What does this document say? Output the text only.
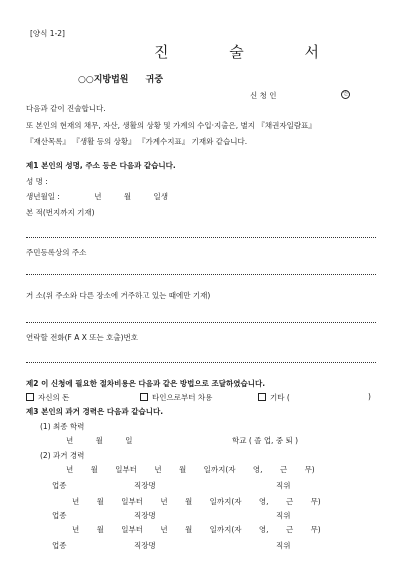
[양식 1-2]
진 술 서
○○지방법원 귀중
신 청 인	인
다음과 같이 진술합니다.
또 본인의 현재의 채무, 자산, 생활의 상황 및 가계의 수입·지출은, 별지 『채권자일람표』
『재산목록』 『생활 등의 상황』 『가계수지표』 기재와 같습니다.
제1 본인의 성명, 주소 등은 다음과 같습니다.
성 명 :
생년월일 :	년 월 일생
본 적(번지까지 기재)
주민등록상의 주소
거 소(위 주소와 다른 장소에 거주하고 있는 때에만 기재)
연락할 전화(F A X 또는 호출)번호
제2 이 신청에 필요한 절차비용은 다음과 같은 방법으로 조달하였습니다.
자신의 돈	타인으로부터 차용	기타 (	)
제3 본인의 과거 경력은 다음과 같습니다.
(1) 최종 학력
년 월 일	학교 ( 졸 업, 중 퇴 )
(2) 과거 경력
년 월 일부터 년 월 일까지(자 영, 근 무)
업종	직장명	직위
년 월 일부터 년 월 일까지(자 영, 근 무)
업종	직장명	직위
년 월 일부터 년 월 일까지(자 영, 근 무)
업종	직장명	직위
